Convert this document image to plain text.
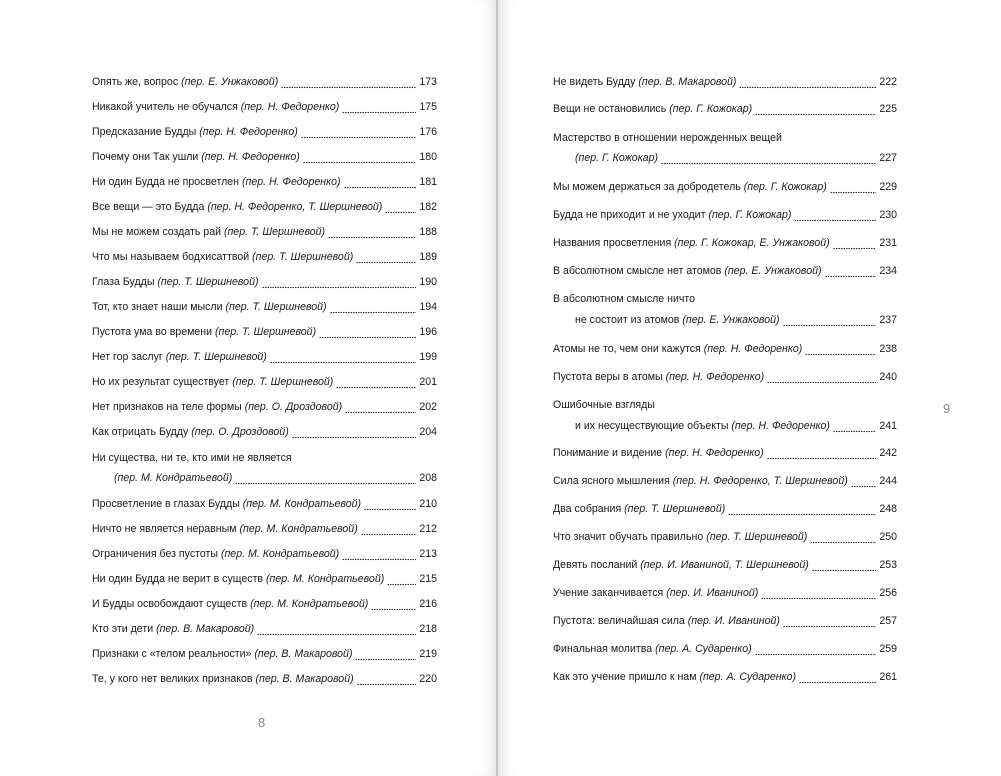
Опять же, вопрос (пер. Е. Унжаковой)	173
Никакой учитель не обучался (пер. Н. Федоренко)	175
Предсказание Будды (пер. Н. Федоренко)	176
Почему они Так ушли (пер. Н. Федоренко)	180
Ни один Будда не просветлен (пер. Н. Федоренко)	181
Все вещи — это Будда (пер. Н. Федоренко, Т. Шершневой)	182
Мы не можем создать рай (пер. Т. Шершневой)	188
Что мы называем бодхисаттвой (пер. Т. Шершневой)	189
Глаза Будды (пер. Т. Шершневой)	190
Тот, кто знает наши мысли (пер. Т. Шершневой)	194
Пустота ума во времени (пер. Т. Шершневой)	196
Нет гор заслуг (пер. Т. Шершневой)	199
Но их результат существует (пер. Т. Шершневой)	201
Нет признаков на теле формы (пер. О. Дроздовой)	202
Как отрицать Будду (пер. О. Дроздовой)	204
Ни существа, ни те, кто ими не является
(пер. М. Кондратьевой)	208
Просветление в глазах Будды (пер. М. Кондратьевой)	210
Ничто не является неравным (пер. М. Кондратьевой)	212
Ограничения без пустоты (пер. М. Кондратьевой)	213
Ни один Будда не верит в существ (пер. М. Кондратьевой)	215
И Будды освобождают существ (пер. М. Кондратьевой)	216
Кто эти дети (пер. В. Макаровой)	218
Признаки с «телом реальности» (пер. В. Макаровой)	219
Те, у кого нет великих признаков (пер. В. Макаровой)	220
8
Не видеть Будду (пер. В. Макаровой)	222
Вещи не остановились (пер. Г. Кожокар)	225
Мастерство в отношении нерожденных вещей
(пер. Г. Кожокар)	227
Мы можем держаться за добродетель (пер. Г. Кожокар)	229
Будда не приходит и не уходит (пер. Г. Кожокар)	230
Названия просветления (пер. Г. Кожокар, Е. Унжаковой)	231
В абсолютном смысле нет атомов (пер. Е. Унжаковой)	234
В абсолютном смысле ничто
не состоит из атомов (пер. Е. Унжаковой)	237
Атомы не то, чем они кажутся (пер. Н. Федоренко)	238
Пустота веры в атомы (пер. Н. Федоренко)	240
Ошибочные взгляды
и их несуществующие объекты (пер. Н. Федоренко)	241
Понимание и видение (пер. Н. Федоренко)	242
Сила ясного мышления (пер. Н. Федоренко, Т. Шершневой)	244
Два собрания (пер. Т. Шершневой)	248
Что значит обучать правильно (пер. Т. Шершневой)	250
Девять посланий (пер. И. Иваниной, Т. Шершневой)	253
Учение заканчивается (пер. И. Иваниной)	256
Пустота: величайшая сила (пер. И. Иваниной)	257
Финальная молитва (пер. А. Сударенко)	259
Как это учение пришло к нам (пер. А. Сударенко)	261
9
